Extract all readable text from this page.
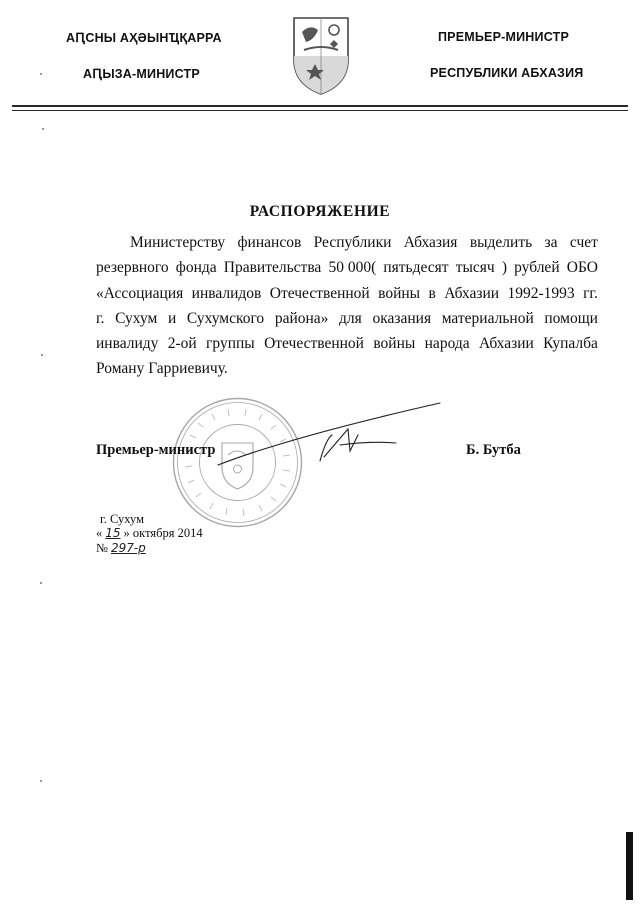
АԤСНЫ АҲӘЫНҴҚАРРА
АԤЫЗА-МИНИСТР
ПРЕМЬЕР-МИНИСТР
РЕСПУБЛИКИ АБХАЗИЯ
РАСПОРЯЖЕНИЕ
Министерству финансов Республики Абхазия выделить за счет
резервного фонда Правительства 50 000( пятьдесят тысяч ) рублей ОБО
«Ассоциация инвалидов Отечественной войны в Абхазии 1992-1993 гг.
г. Сухум и Сухумского района» для оказания материальной помощи
инвалиду 2-ой группы Отечественной войны народа Абхазии Купалба
Роману Гарриевичу.
Премьер-министр	Б. Бутба
г. Сухум
« 15 » октября 2014
№ 297-р
